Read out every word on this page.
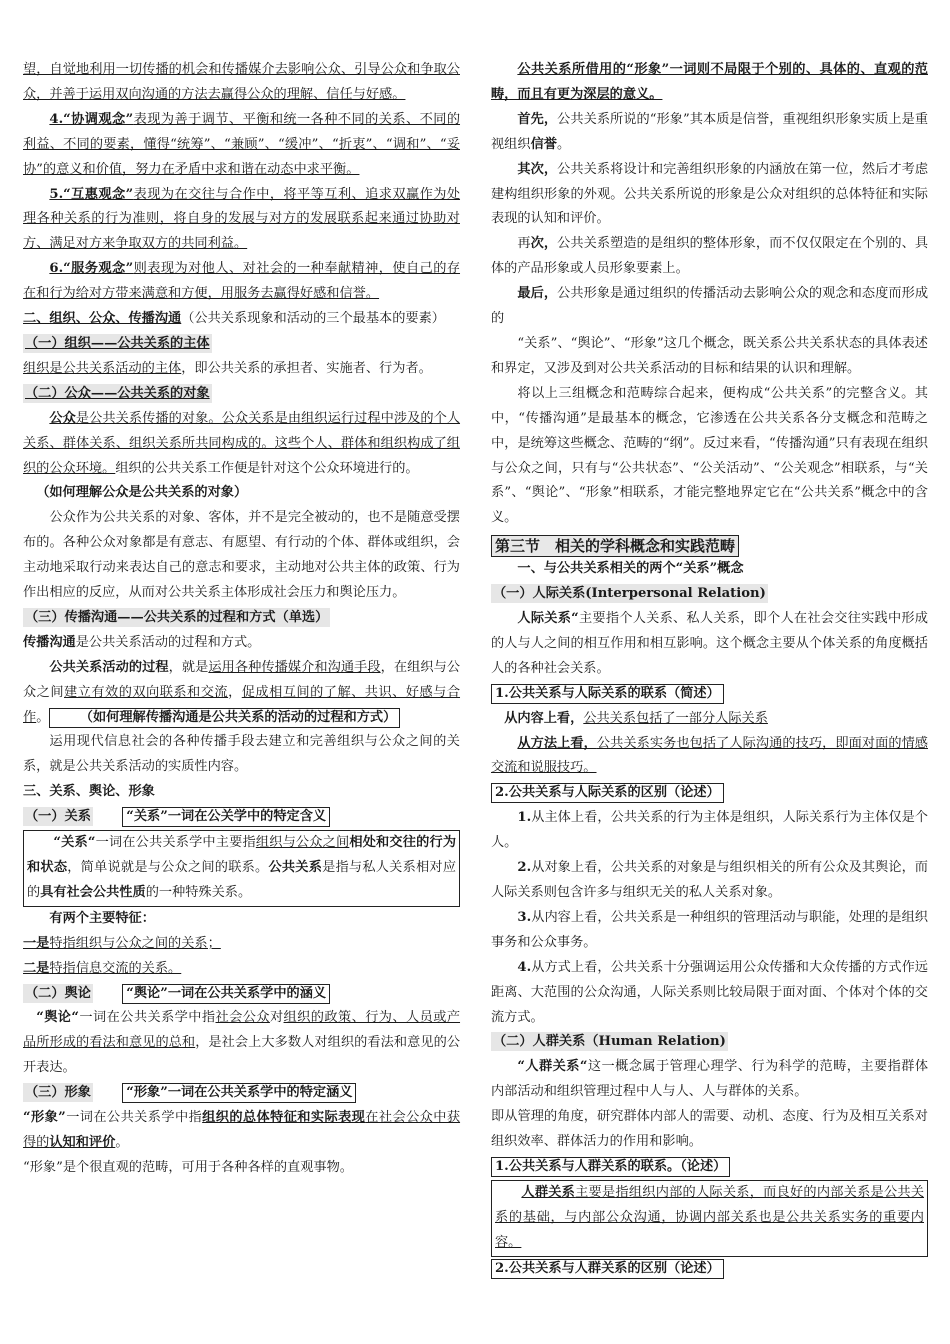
望，自觉地利用一切传播的机会和传播媒介去影响公众、引导公众和争取公众，并善于运用双向沟通的方法去赢得公众的理解、信任与好感。

4.“协调观念”表现为善于调节、平衡和统一各种不同的关系、不同的利益、不同的要素，懂得“统筹”、“兼顾”、“缓冲”、“折衷”、“调和”、“妥协”的意义和价值，努力在矛盾中求和谐在动态中求平衡。

5.“互惠观念”表现为在交往与合作中，将平等互利、追求双赢作为处理各种关系的行为准则，将自身的发展与对方的发展联系起来通过协助对方、满足对方来争取双方的共同利益。

6.“服务观念”则表现为对他人、对社会的一种奉献精神，使自己的存在和行为给对方带来满意和方便，用服务去赢得好感和信誉。

二、组织、公众、传播沟通（公共关系现象和活动的三个最基本的要素）

（一）组织——公共关系的主体

组织是公共关系活动的主体，即公共关系的承担者、实施者、行为者。

（二）公众——公共关系的对象

公众是公共关系传播的对象。公众关系是由组织运行过程中涉及的个人关系、群体关系、组织关系所共同构成的。这些个人、群体和组织构成了组织的公众环境。组织的公共关系工作便是针对这个公众环境进行的。

（如何理解公众是公共关系的对象）

公众作为公共关系的对象、客体，并不是完全被动的，也不是随意受摆布的。各种公众对象都是有意志、有愿望、有行动的个体、群体或组织，会主动地采取行动来表达自己的意志和要求，主动地对公共主体的政策、行为作出相应的反应，从而对公共关系主体形成社会压力和舆论压力。

（三）传播沟通——公共关系的过程和方式（单选）

传播沟通是公共关系活动的过程和方式。

公共关系活动的过程，就是运用各种传播媒介和沟通手段，在组织与公众之间建立有效的双向联系和交流，促成相互间的了解、共识、好感与合作。 （如何理解传播沟通是公共关系的活动的过程和方式）

运用现代信息社会的各种传播手段去建立和完善组织与公众之间的关系，就是公共关系活动的实质性内容。

三、关系、舆论、形象

（一）关系	“关系”一词在公关学中的特定含义

“关系“一词在公共关系学中主要指组织与公众之间相处和交往的行为和状态，简单说就是与公众之间的联系。公共关系是指与私人关系相对应的具有社会公共性质的一种特殊关系。

有两个主要特征：

一是特指组织与公众之间的关系；

二是特指信息交流的关系。

（二）舆论	“舆论”一词在公共关系学中的涵义

“舆论“一词在公共关系学中指社会公众对组织的政策、行为、人员或产品所形成的看法和意见的总和，是社会上大多数人对组织的看法和意见的公开表达。

（三）形象	“形象”一词在公共关系学中的特定涵义

“形象”一词在公共关系学中指组织的总体特征和实际表现在社会公众中获得的认知和评价。

“形象”是个很直观的范畴，可用于各种各样的直观事物。

公共关系所借用的“形象”一词则不局限于个别的、具体的、直观的范畴，而且有更为深层的意义。

首先，公共关系所说的“形象”其本质是信誉，重视组织形象实质上是重视组织信誉。

其次，公共关系将设计和完善组织形象的内涵放在第一位，然后才考虑建构组织形象的外观。公共关系所说的形象是公众对组织的总体特征和实际表现的认知和评价。

再次，公共关系塑造的是组织的整体形象，而不仅仅限定在个别的、具体的产品形象或人员形象要素上。

最后，公共形象是通过组织的传播活动去影响公众的观念和态度而形成的

“关系”、“舆论”、“形象”这几个概念，既关系公共关系状态的具体表述和界定，又涉及到对公共关系活动的目标和结果的认识和理解。

将以上三组概念和范畴综合起来，便构成“公共关系”的完整含义。其中，“传播沟通”是最基本的概念，它渗透在公共关系各分支概念和范畴之中，是统筹这些概念、范畴的“纲”。反过来看，“传播沟通”只有表现在组织与公众之间，只有与“公共状态”、“公关活动”、“公关观念”相联系，与“关系”、“舆论”、“形象”相联系，才能完整地界定它在“公共关系”概念中的含义。

第三节　相关的学科概念和实践范畴

一、与公共关系相关的两个“关系”概念

（一）人际关系(Interpersonal Relation)

人际关系“主要指个人关系、私人关系，即个人在社会交往实践中形成的人与人之间的相互作用和相互影响。这个概念主要从个体关系的角度概括人的各种社会关系。

1.公共关系与人际关系的联系（简述）

从内容上看，公共关系包括了一部分人际关系

从方法上看，公共关系实务也包括了人际沟通的技巧，即面对面的情感交流和说服技巧。

2.公共关系与人际关系的区别（论述）

1.从主体上看，公共关系的行为主体是组织，人际关系行为主体仅是个人。

2.从对象上看，公共关系的对象是与组织相关的所有公众及其舆论，而人际关系则包含许多与组织无关的私人关系对象。

3.从内容上看，公共关系是一种组织的管理活动与职能，处理的是组织事务和公众事务。

4.从方式上看，公共关系十分强调运用公众传播和大众传播的方式作远距离、大范围的公众沟通，人际关系则比较局限于面对面、个体对个体的交流方式。

（二）人群关系（Human Relation)

“人群关系“这一概念属于管理心理学、行为科学的范畴，主要指群体内部活动和组织管理过程中人与人、人与群体的关系。

即从管理的角度，研究群体内部人的需要、动机、态度、行为及相互关系对组织效率、群体活力的作用和影响。

1.公共关系与人群关系的联系。（论述）

人群关系主要是指组织内部的人际关系，而良好的内部关系是公共关系的基础，与内部公众沟通，协调内部关系也是公共关系实务的重要内容。

2.公共关系与人群关系的区别（论述）
